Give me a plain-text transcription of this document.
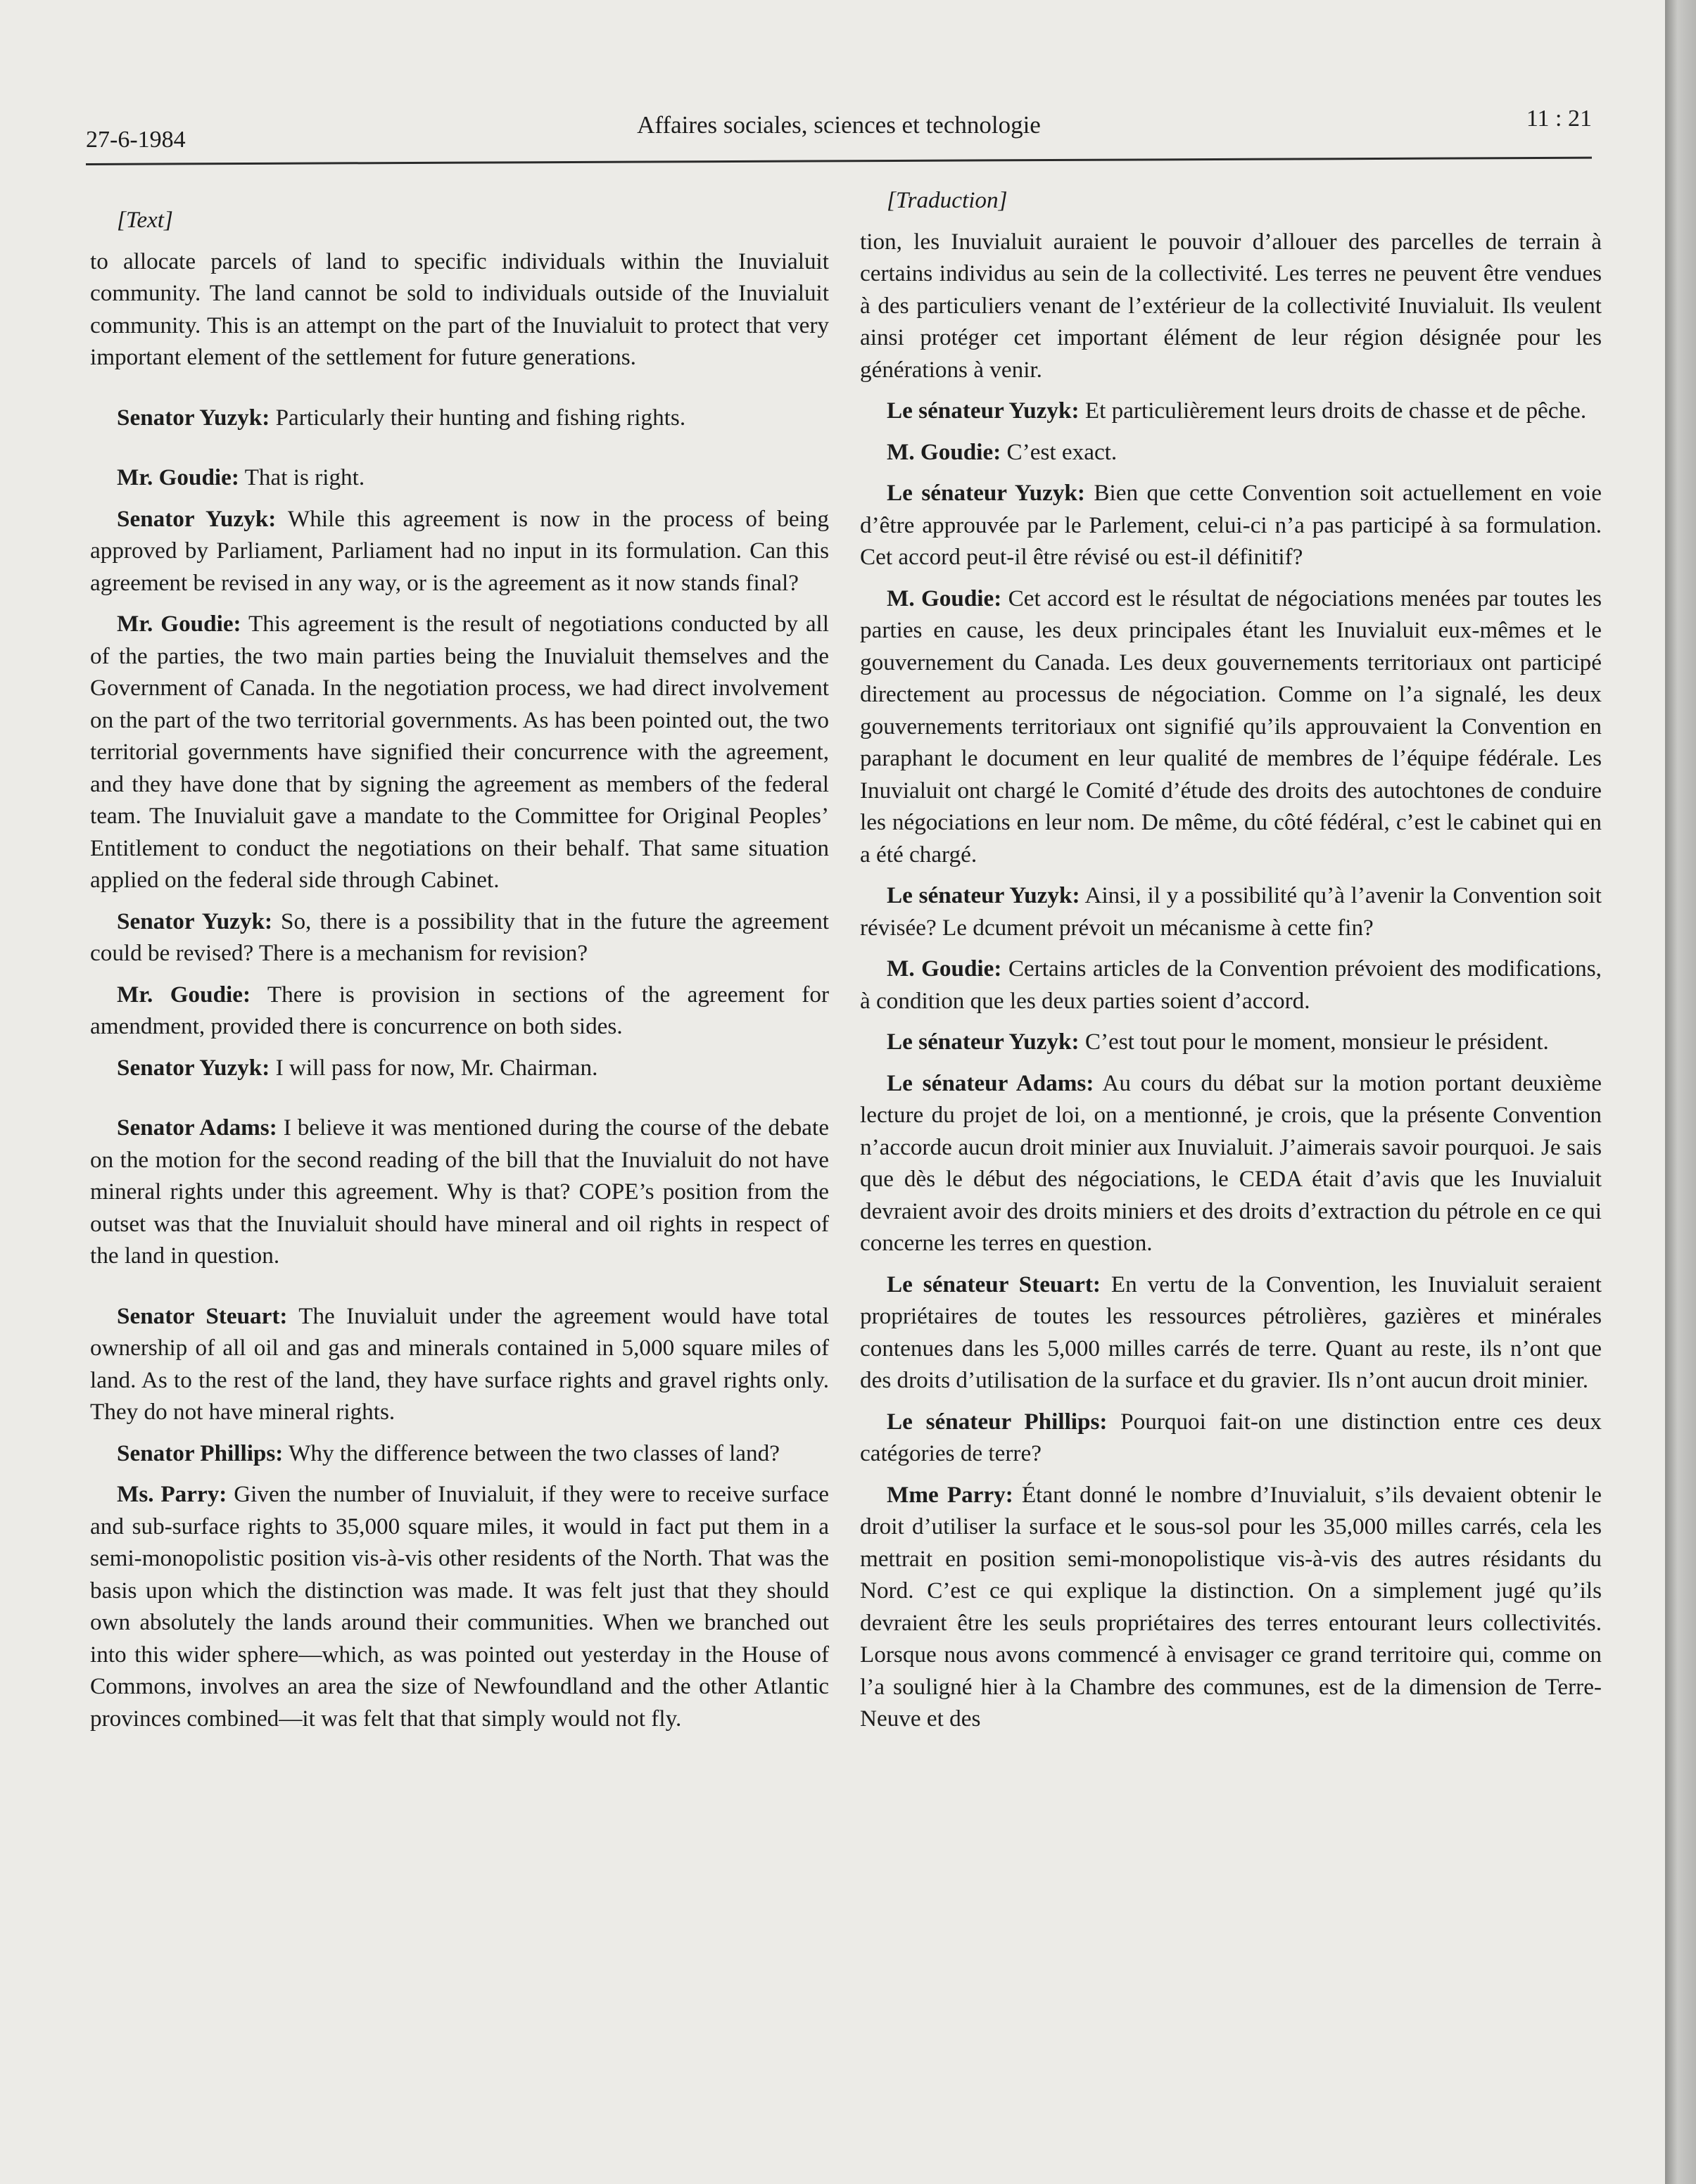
27-6-1984
Affaires sociales, sciences et technologie	11 : 21

[Text]

to allocate parcels of land to specific individuals within the Inuvialuit community. The land cannot be sold to individuals outside of the Inuvialuit community. This is an attempt on the part of the Inuvialuit to protect that very important element of the settlement for future generations.

Senator Yuzyk: Particularly their hunting and fishing rights.

Mr. Goudie: That is right.

Senator Yuzyk: While this agreement is now in the process of being approved by Parliament, Parliament had no input in its formulation. Can this agreement be revised in any way, or is the agreement as it now stands final?

Mr. Goudie: This agreement is the result of negotiations conducted by all of the parties, the two main parties being the Inuvialuit themselves and the Government of Canada. In the negotiation process, we had direct involvement on the part of the two territorial governments. As has been pointed out, the two territorial governments have signified their concurrence with the agreement, and they have done that by signing the agreement as members of the federal team. The Inuvialuit gave a mandate to the Committee for Original Peoples’ Entitlement to conduct the negotiations on their behalf. That same situation applied on the federal side through Cabinet.

Senator Yuzyk: So, there is a possibility that in the future the agreement could be revised? There is a mechanism for revision?

Mr. Goudie: There is provision in sections of the agreement for amendment, provided there is concurrence on both sides.

Senator Yuzyk: I will pass for now, Mr. Chairman.

Senator Adams: I believe it was mentioned during the course of the debate on the motion for the second reading of the bill that the Inuvialuit do not have mineral rights under this agreement. Why is that? COPE’s position from the outset was that the Inuvialuit should have mineral and oil rights in respect of the land in question.

Senator Steuart: The Inuvialuit under the agreement would have total ownership of all oil and gas and minerals contained in 5,000 square miles of land. As to the rest of the land, they have surface rights and gravel rights only. They do not have mineral rights.

Senator Phillips: Why the difference between the two classes of land?

Ms. Parry: Given the number of Inuvialuit, if they were to receive surface and sub-surface rights to 35,000 square miles, it would in fact put them in a semi-monopolistic position vis-à-vis other residents of the North. That was the basis upon which the distinction was made. It was felt just that they should own absolutely the lands around their communities. When we branched out into this wider sphere—which, as was pointed out yesterday in the House of Commons, involves an area the size of Newfoundland and the other Atlantic provinces combined—it was felt that that simply would not fly.

[Traduction]

tion, les Inuvialuit auraient le pouvoir d’allouer des parcelles de terrain à certains individus au sein de la collectivité. Les terres ne peuvent être vendues à des particuliers venant de l’extérieur de la collectivité Inuvialuit. Ils veulent ainsi protéger cet important élément de leur région désignée pour les générations à venir.

Le sénateur Yuzyk: Et particulièrement leurs droits de chasse et de pêche.

M. Goudie: C’est exact.

Le sénateur Yuzyk: Bien que cette Convention soit actuellement en voie d’être approuvée par le Parlement, celui-ci n’a pas participé à sa formulation. Cet accord peut-il être révisé ou est-il définitif?

M. Goudie: Cet accord est le résultat de négociations menées par toutes les parties en cause, les deux principales étant les Inuvialuit eux-mêmes et le gouvernement du Canada. Les deux gouvernements territoriaux ont participé directement au processus de négociation. Comme on l’a signalé, les deux gouvernements territoriaux ont signifié qu’ils approuvaient la Convention en paraphant le document en leur qualité de membres de l’équipe fédérale. Les Inuvialuit ont chargé le Comité d’étude des droits des autochtones de conduire les négociations en leur nom. De même, du côté fédéral, c’est le cabinet qui en a été chargé.

Le sénateur Yuzyk: Ainsi, il y a possibilité qu’à l’avenir la Convention soit révisée? Le dcument prévoit un mécanisme à cette fin?

M. Goudie: Certains articles de la Convention prévoient des modifications, à condition que les deux parties soient d’accord.

Le sénateur Yuzyk: C’est tout pour le moment, monsieur le président.

Le sénateur Adams: Au cours du débat sur la motion portant deuxième lecture du projet de loi, on a mentionné, je crois, que la présente Convention n’accorde aucun droit minier aux Inuvialuit. J’aimerais savoir pourquoi. Je sais que dès le début des négociations, le CEDA était d’avis que les Inuvialuit devraient avoir des droits miniers et des droits d’extraction du pétrole en ce qui concerne les terres en question.

Le sénateur Steuart: En vertu de la Convention, les Inuvialuit seraient propriétaires de toutes les ressources pétrolières, gazières et minérales contenues dans les 5,000 milles carrés de terre. Quant au reste, ils n’ont que des droits d’utilisation de la surface et du gravier. Ils n’ont aucun droit minier.

Le sénateur Phillips: Pourquoi fait-on une distinction entre ces deux catégories de terre?

Mme Parry: Étant donné le nombre d’Inuvialuit, s’ils devaient obtenir le droit d’utiliser la surface et le sous-sol pour les 35,000 milles carrés, cela les mettrait en position semi-monopolistique vis-à-vis des autres résidants du Nord. C’est ce qui explique la distinction. On a simplement jugé qu’ils devraient être les seuls propriétaires des terres entourant leurs collectivités. Lorsque nous avons commencé à envisager ce grand territoire qui, comme on l’a souligné hier à la Chambre des communes, est de la dimension de Terre-Neuve et des
